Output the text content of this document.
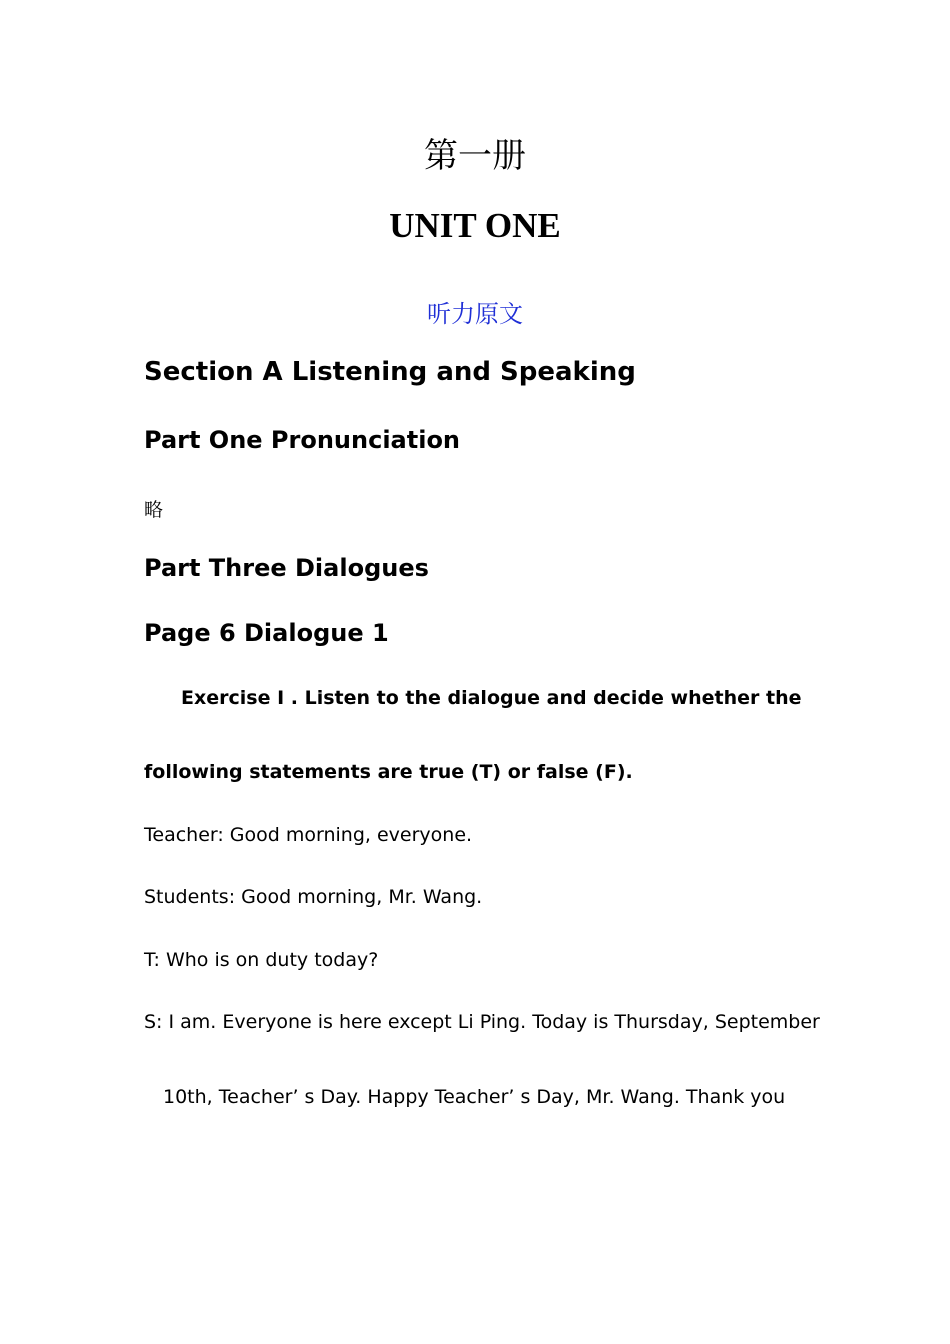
第一册
UNIT ONE
听力原文
Section A Listening and Speaking
Part One Pronunciation
略
Part Three Dialogues
Page 6 Dialogue 1
Exercise I . Listen to the dialogue and decide whether the
following statements are true (T) or false (F).
Teacher: Good morning, everyone.
Students: Good morning, Mr. Wang.
T: Who is on duty today?
S: I am. Everyone is here except Li Ping. Today is Thursday, September
10th, Teacher’ s Day. Happy Teacher’ s Day, Mr. Wang. Thank you
